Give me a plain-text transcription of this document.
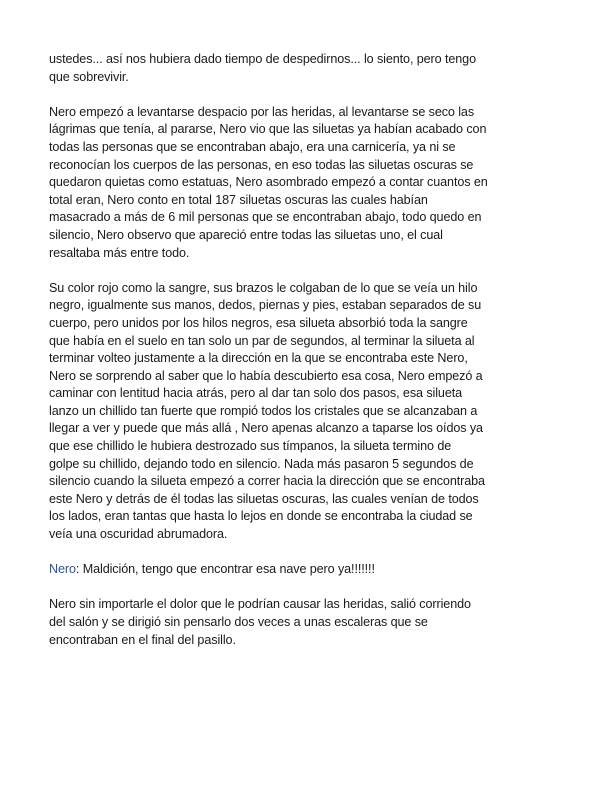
ustedes... así nos hubiera dado tiempo de despedirnos... lo siento, pero tengo
que sobrevivir.

Nero empezó a levantarse despacio por las heridas, al levantarse se seco las
lágrimas que tenía, al pararse, Nero vio que las siluetas ya habían acabado con
todas las personas que se encontraban abajo, era una carnicería, ya ni se
reconocían los cuerpos de las personas, en eso todas las siluetas oscuras se
quedaron quietas como estatuas, Nero asombrado empezó a contar cuantos en
total eran, Nero conto en total 187 siluetas oscuras las cuales habían
masacrado a más de 6 mil personas que se encontraban abajo, todo quedo en
silencio, Nero observo que apareció entre todas las siluetas uno, el cual
resaltaba más entre todo.

Su color rojo como la sangre, sus brazos le colgaban de lo que se veía un hilo
negro, igualmente sus manos, dedos, piernas y pies, estaban separados de su
cuerpo, pero unidos por los hilos negros, esa silueta absorbió toda la sangre
que había en el suelo en tan solo un par de segundos, al terminar la silueta al
terminar volteo justamente a la dirección en la que se encontraba este Nero,
Nero se sorprendo al saber que lo había descubierto esa cosa, Nero empezó a
caminar con lentitud hacia atrás, pero al dar tan solo dos pasos, esa silueta
lanzo un chillido tan fuerte que rompió todos los cristales que se alcanzaban a
llegar a ver y puede que más allá , Nero apenas alcanzo a taparse los oídos ya
que ese chillido le hubiera destrozado sus tímpanos, la silueta termino de
golpe su chillido, dejando todo en silencio. Nada más pasaron 5 segundos de
silencio cuando la silueta empezó a correr hacia la dirección que se encontraba
este Nero y detrás de él todas las siluetas oscuras, las cuales venían de todos
los lados, eran tantas que hasta lo lejos en donde se encontraba la ciudad se
veía una oscuridad abrumadora.

Nero: Maldición, tengo que encontrar esa nave pero ya!!!!!!!

Nero sin importarle el dolor que le podrían causar las heridas, salió corriendo
del salón y se dirigió sin pensarlo dos veces a unas escaleras que se
encontraban en el final del pasillo.
